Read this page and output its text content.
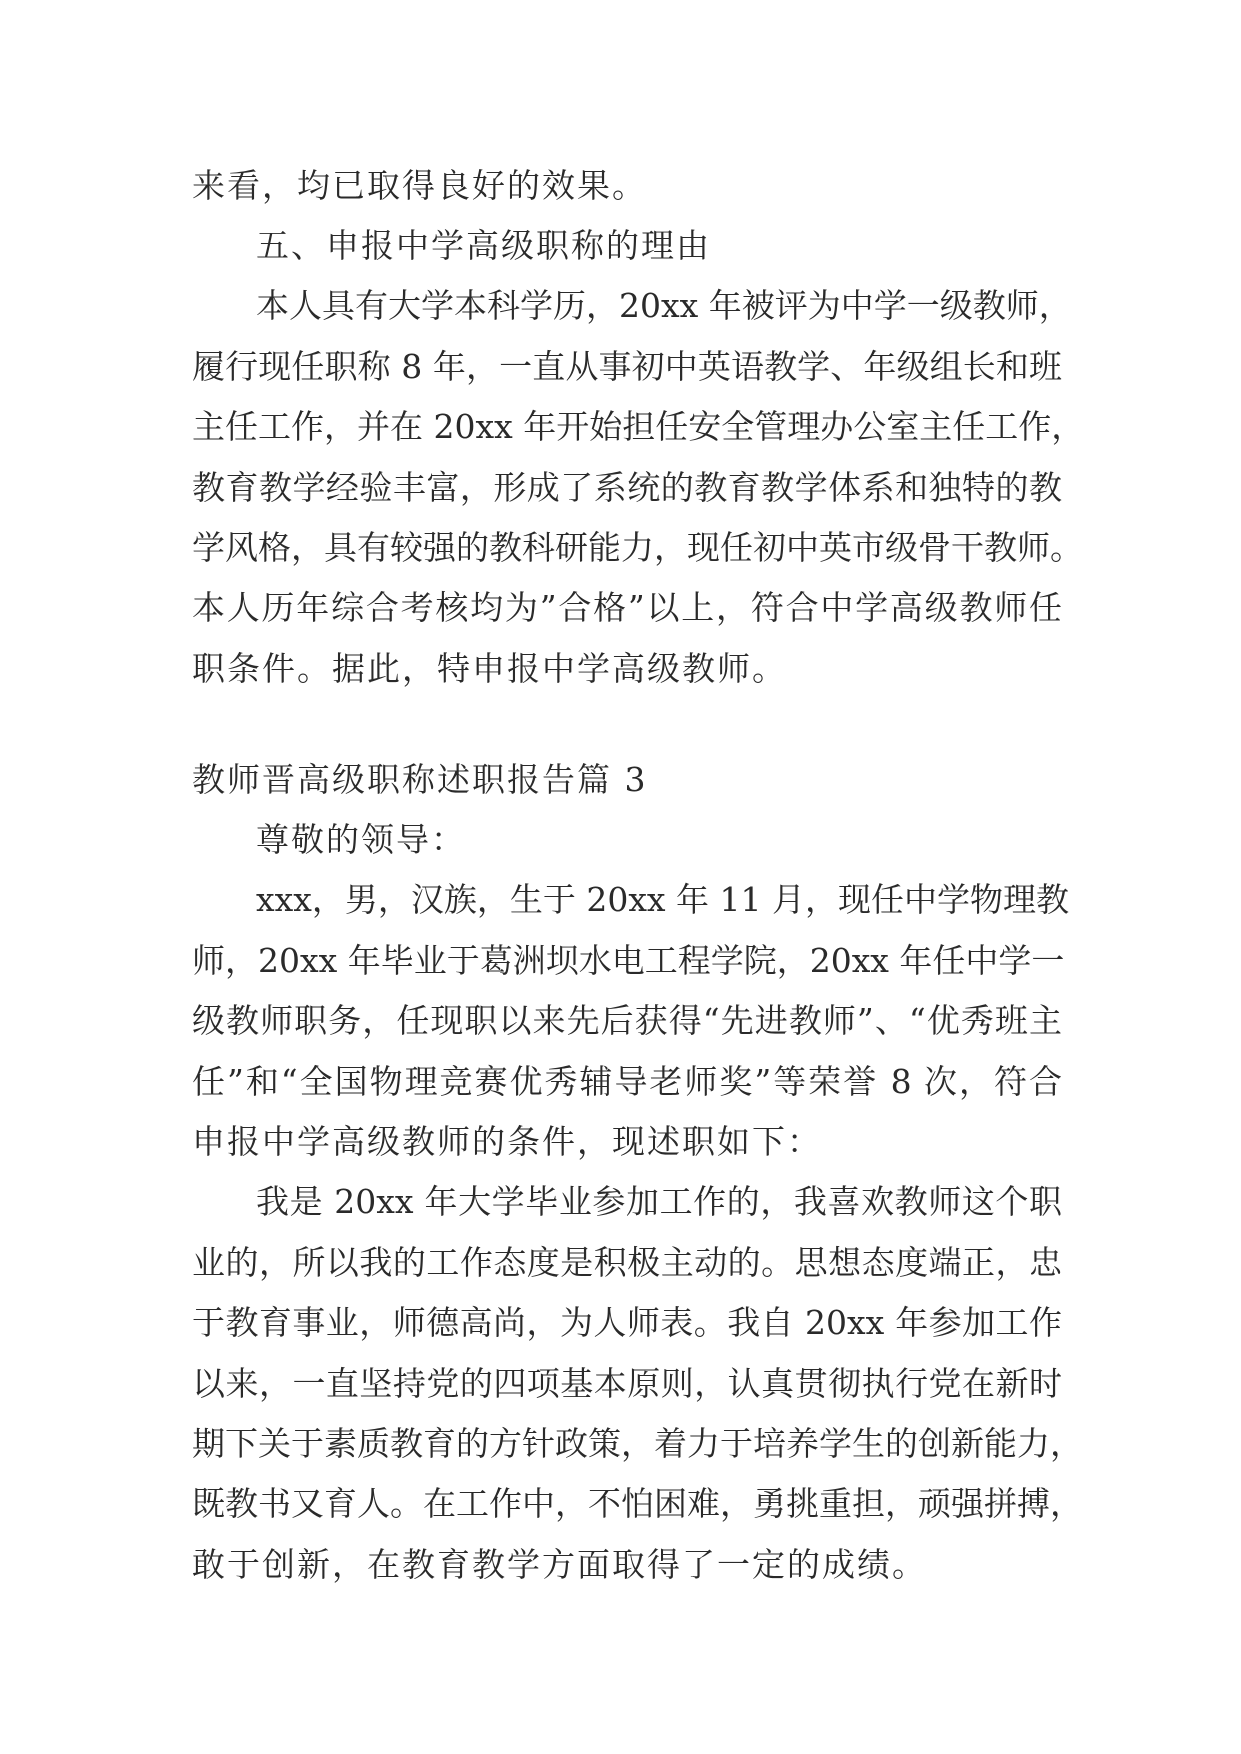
来看，均已取得良好的效果。
五、申报中学高级职称的理由
本人具有大学本科学历，20xx 年被评为中学一级教师，
履行现任职称 8 年，一直从事初中英语教学、年级组长和班
主任工作，并在 20xx 年开始担任安全管理办公室主任工作，
教育教学经验丰富，形成了系统的教育教学体系和独特的教
学风格，具有较强的教科研能力，现任初中英市级骨干教师。
本人历年综合考核均为”合格”以上，符合中学高级教师任
职条件。据此，特申报中学高级教师。
教师晋高级职称述职报告篇 3
尊敬的领导：
xxx，男，汉族，生于 20xx 年 11 月，现任中学物理教
师，20xx 年毕业于葛洲坝水电工程学院，20xx 年任中学一
级教师职务，任现职以来先后获得“先进教师”、“优秀班主
任”和“全国物理竞赛优秀辅导老师奖”等荣誉 8 次，符合
申报中学高级教师的条件，现述职如下：
我是 20xx 年大学毕业参加工作的，我喜欢教师这个职
业的，所以我的工作态度是积极主动的。思想态度端正，忠
于教育事业，师德高尚，为人师表。我自 20xx 年参加工作
以来，一直坚持党的四项基本原则，认真贯彻执行党在新时
期下关于素质教育的方针政策，着力于培养学生的创新能力，
既教书又育人。在工作中，不怕困难，勇挑重担，顽强拼搏，
敢于创新，在教育教学方面取得了一定的成绩。
